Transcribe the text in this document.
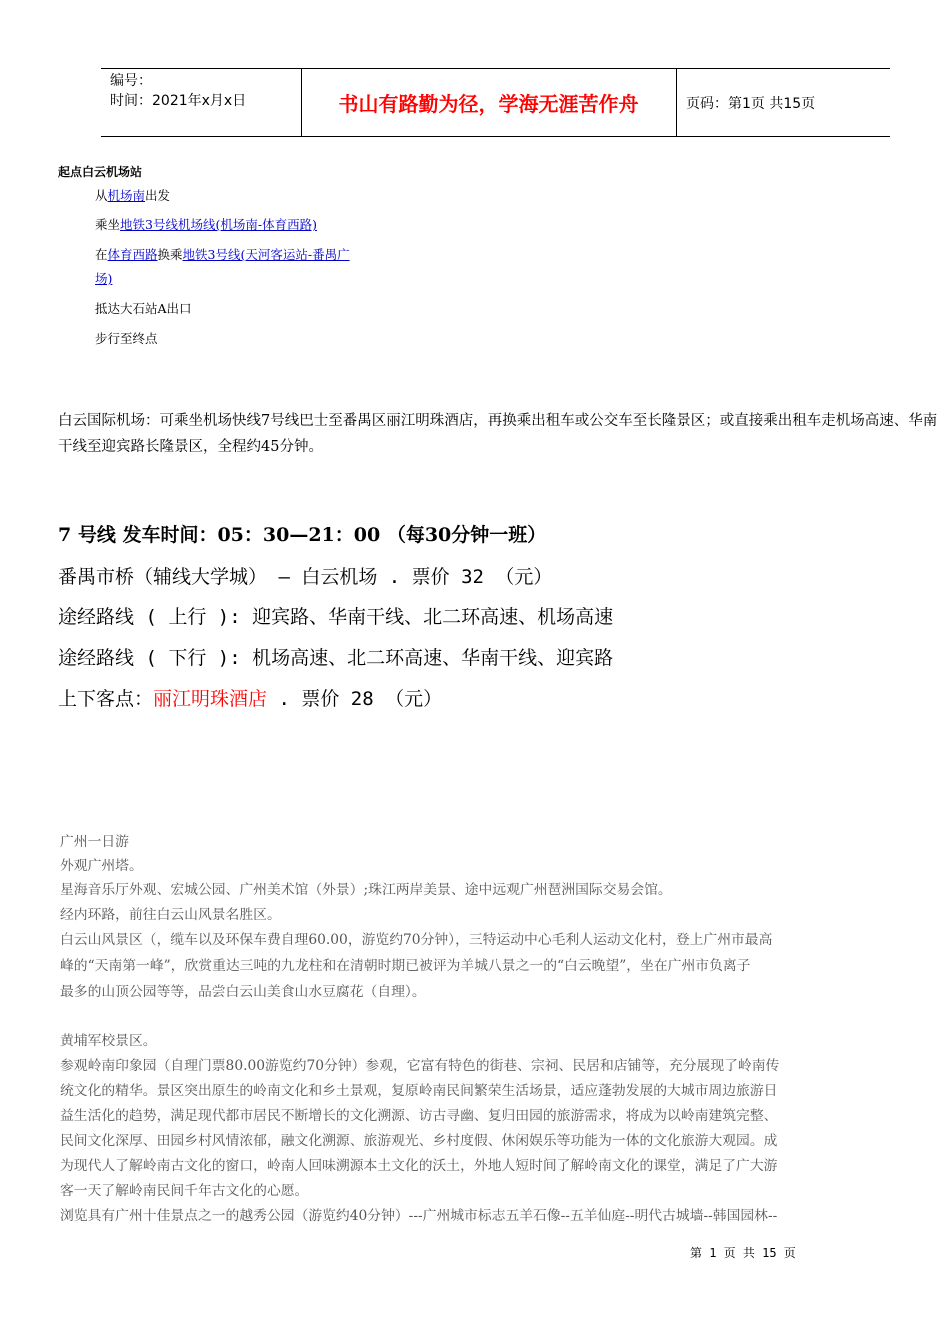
编号：
时间：2021年x月x日	书山有路勤为径，学海无涯苦作舟	页码：第1页 共15页
起点白云机场站
从机场南出发
乘坐地铁3号线机场线(机场南-体育西路)
在体育西路换乘地铁3号线(天河客运站-番禺广
场)
抵达大石站A出口
步行至终点
白云国际机场：可乘坐机场快线7号线巴士至番禺区丽江明珠酒店，再换乘出租车或公交车至长隆景区；或直接乘出租车走机场高速、华南干线至迎宾路长隆景区，全程约45分钟。
7 号线 发车时间：05：30—21：00 （每30分钟一班）
番禺市桥（辅线大学城） – 白云机场 . 票价 32 （元）
途经路线 ( 上行 ): 迎宾路、华南干线、北二环高速、机场高速
途经路线 ( 下行 ): 机场高速、北二环高速、华南干线、迎宾路
上下客点：丽江明珠酒店 . 票价 28 （元）
广州一日游
外观广州塔。
星海音乐厅外观、宏城公园、广州美术馆（外景）;珠江两岸美景、途中远观广州琶洲国际交易会馆。
经内环路，前往白云山风景名胜区。
白云山风景区（，缆车以及环保车费自理60.00，游览约70分钟），三特运动中心毛利人运动文化村，登上广州市最高
峰的“天南第一峰”，欣赏重达三吨的九龙柱和在清朝时期已被评为羊城八景之一的“白云晚望”，坐在广州市负离子
最多的山顶公园等等，品尝白云山美食山水豆腐花（自理）。
黄埔军校景区。
参观岭南印象园（自理门票80.00游览约70分钟）参观，它富有特色的街巷、宗祠、民居和店铺等，充分展现了岭南传
统文化的精华。景区突出原生的岭南文化和乡土景观，复原岭南民间繁荣生活场景，适应蓬勃发展的大城市周边旅游日
益生活化的趋势，满足现代都市居民不断增长的文化溯源、访古寻幽、复归田园的旅游需求，将成为以岭南建筑完整、
民间文化深厚、田园乡村风情浓郁，融文化溯源、旅游观光、乡村度假、休闲娱乐等功能为一体的文化旅游大观园。成
为现代人了解岭南古文化的窗口，岭南人回味溯源本土文化的沃土，外地人短时间了解岭南文化的课堂，满足了广大游
客一天了解岭南民间千年古文化的心愿。
浏览具有广州十佳景点之一的越秀公园（游览约40分钟）---广州城市标志五羊石像--五羊仙庭--明代古城墙--韩国园林--
第 1 页 共 15 页
